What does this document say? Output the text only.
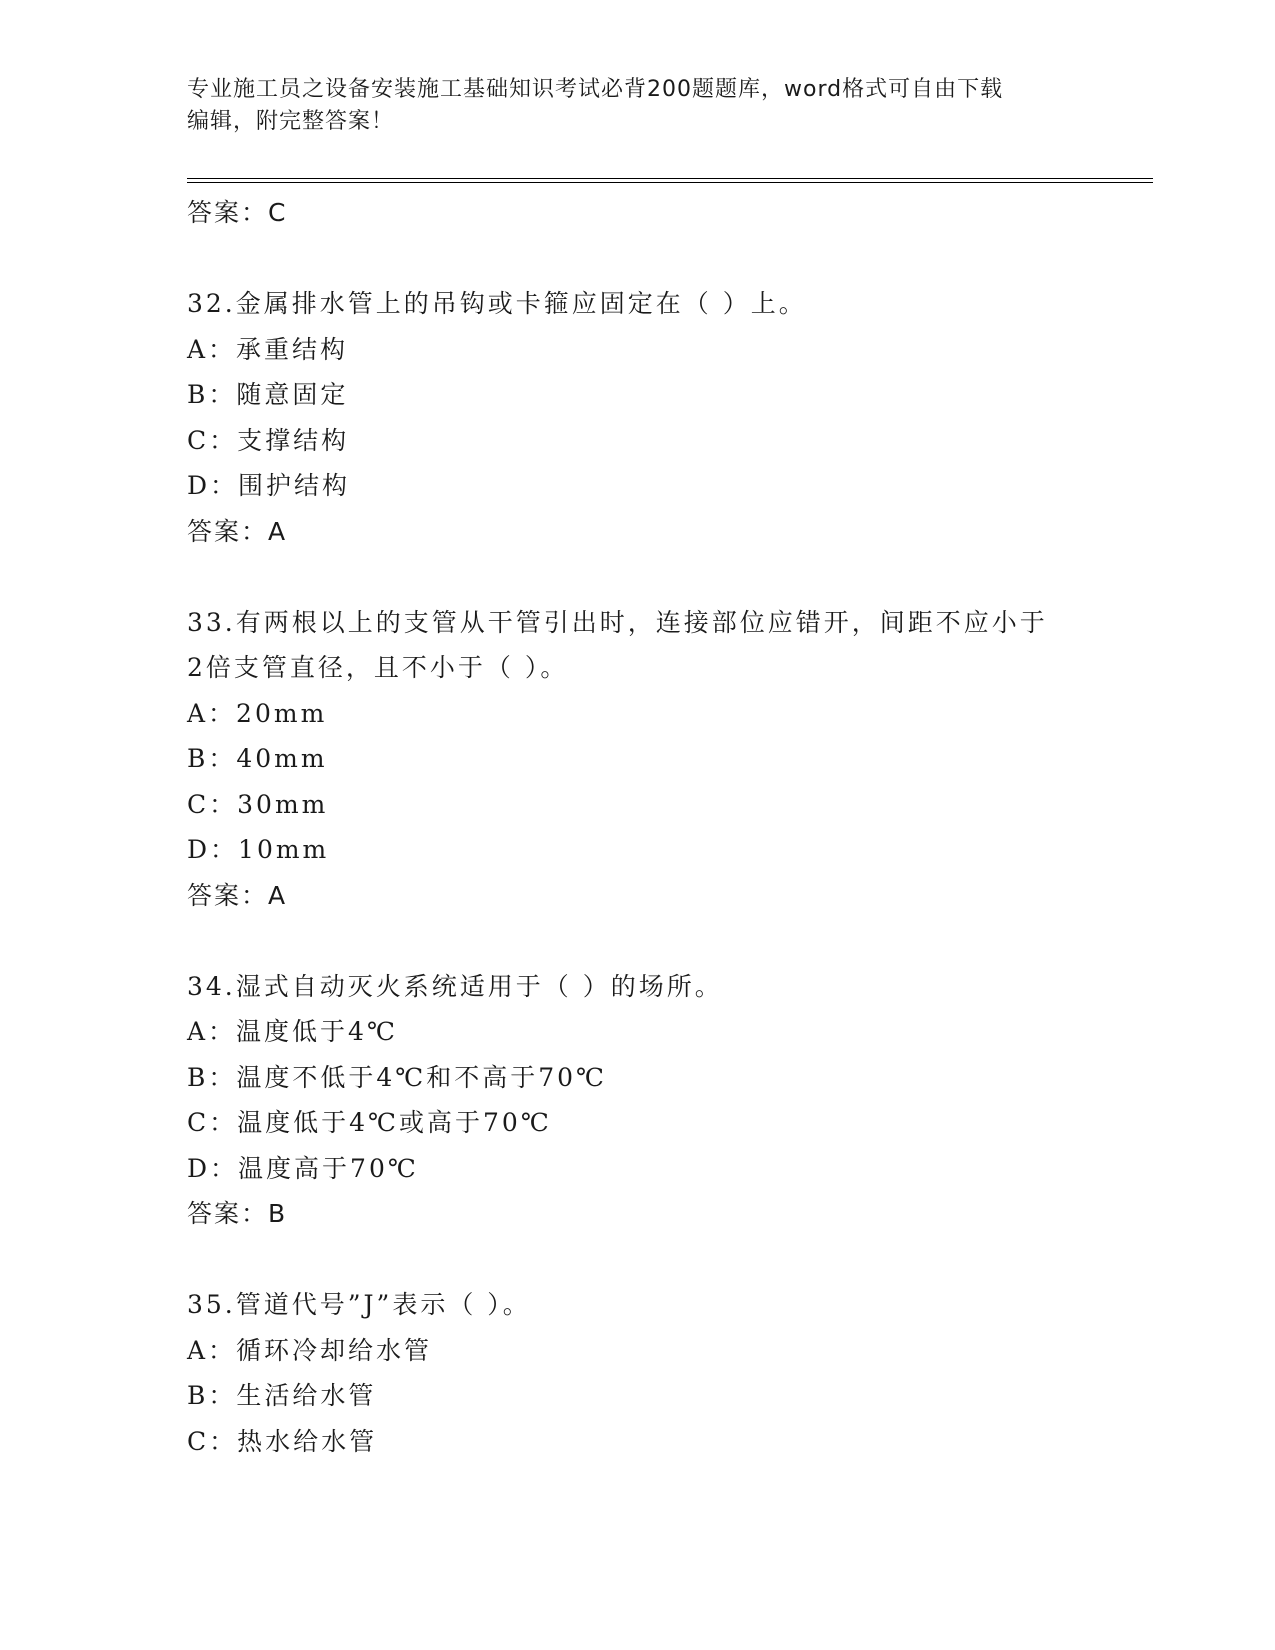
专业施工员之设备安装施工基础知识考试必背200题题库，word格式可自由下载
编辑，附完整答案！
答案：C
32.金属排水管上的吊钩或卡箍应固定在（ ）上。
A：承重结构
B：随意固定
C：支撑结构
D：围护结构
答案：A
33.有两根以上的支管从干管引出时，连接部位应错开，间距不应小于
2倍支管直径，且不小于（ ）。
A：20mm
B：40mm
C：30mm
D：10mm
答案：A
34.湿式自动灭火系统适用于（ ）的场所。
A：温度低于4℃
B：温度不低于4℃和不高于70℃
C：温度低于4℃或高于70℃
D：温度高于70℃
答案：B
35.管道代号”J”表示（ ）。
A：循环冷却给水管
B：生活给水管
C：热水给水管
